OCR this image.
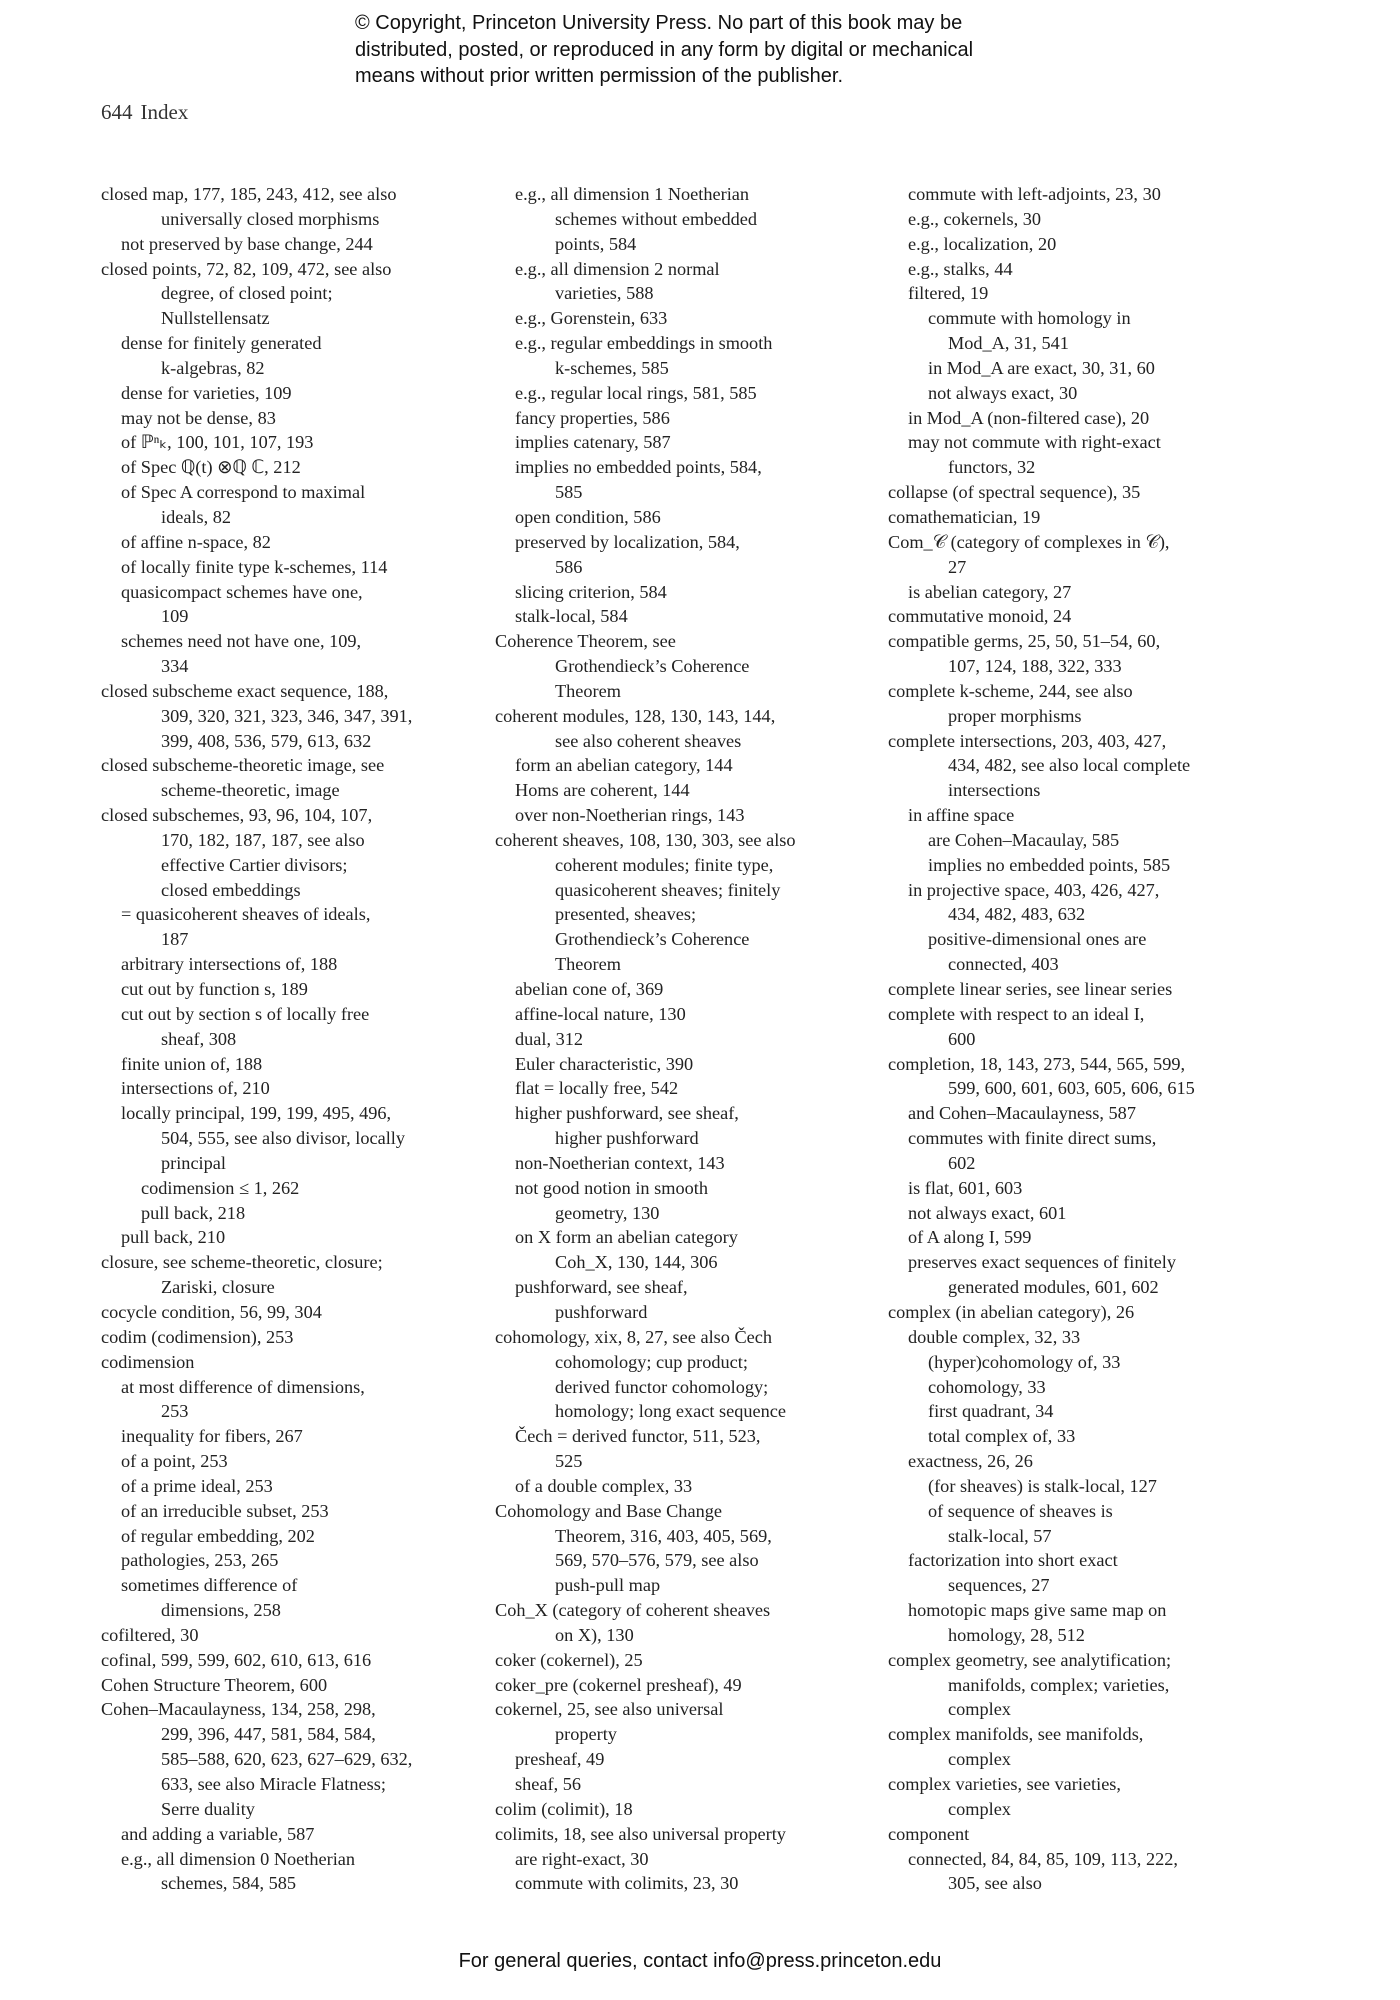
© Copyright, Princeton University Press. No part of this book may be
distributed, posted, or reproduced in any form by digital or mechanical
means without prior written permission of the publisher.
644 Index
closed map, 177, 185, 243, 412, see also
universally closed morphisms
not preserved by base change, 244
closed points, 72, 82, 109, 472, see also
degree, of closed point;
Nullstellensatz
dense for finitely generated
k-algebras, 82
dense for varieties, 109
may not be dense, 83
of ℙⁿₖ, 100, 101, 107, 193
of Spec ℚ(t) ⊗ℚ ℂ, 212
of Spec A correspond to maximal
ideals, 82
of affine n-space, 82
of locally finite type k-schemes, 114
quasicompact schemes have one,
109
schemes need not have one, 109,
334
closed subscheme exact sequence, 188,
309, 320, 321, 323, 346, 347, 391,
399, 408, 536, 579, 613, 632
closed subscheme-theoretic image, see
scheme-theoretic, image
closed subschemes, 93, 96, 104, 107,
170, 182, 187, 187, see also
effective Cartier divisors;
closed embeddings
= quasicoherent sheaves of ideals,
187
arbitrary intersections of, 188
cut out by function s, 189
cut out by section s of locally free
sheaf, 308
finite union of, 188
intersections of, 210
locally principal, 199, 199, 495, 496,
504, 555, see also divisor, locally
principal
codimension ≤ 1, 262
pull back, 218
pull back, 210
closure, see scheme-theoretic, closure;
Zariski, closure
cocycle condition, 56, 99, 304
codim (codimension), 253
codimension
at most difference of dimensions,
253
inequality for fibers, 267
of a point, 253
of a prime ideal, 253
of an irreducible subset, 253
of regular embedding, 202
pathologies, 253, 265
sometimes difference of
dimensions, 258
cofiltered, 30
cofinal, 599, 599, 602, 610, 613, 616
Cohen Structure Theorem, 600
Cohen–Macaulayness, 134, 258, 298,
299, 396, 447, 581, 584, 584,
585–588, 620, 623, 627–629, 632,
633, see also Miracle Flatness;
Serre duality
and adding a variable, 587
e.g., all dimension 0 Noetherian
schemes, 584, 585
e.g., all dimension 1 Noetherian
schemes without embedded
points, 584
e.g., all dimension 2 normal
varieties, 588
e.g., Gorenstein, 633
e.g., regular embeddings in smooth
k-schemes, 585
e.g., regular local rings, 581, 585
fancy properties, 586
implies catenary, 587
implies no embedded points, 584,
585
open condition, 586
preserved by localization, 584,
586
slicing criterion, 584
stalk-local, 584
Coherence Theorem, see
Grothendieck’s Coherence
Theorem
coherent modules, 128, 130, 143, 144,
see also coherent sheaves
form an abelian category, 144
Homs are coherent, 144
over non-Noetherian rings, 143
coherent sheaves, 108, 130, 303, see also
coherent modules; finite type,
quasicoherent sheaves; finitely
presented, sheaves;
Grothendieck’s Coherence
Theorem
abelian cone of, 369
affine-local nature, 130
dual, 312
Euler characteristic, 390
flat = locally free, 542
higher pushforward, see sheaf,
higher pushforward
non-Noetherian context, 143
not good notion in smooth
geometry, 130
on X form an abelian category
Coh_X, 130, 144, 306
pushforward, see sheaf,
pushforward
cohomology, xix, 8, 27, see also Čech
cohomology; cup product;
derived functor cohomology;
homology; long exact sequence
Čech = derived functor, 511, 523,
525
of a double complex, 33
Cohomology and Base Change
Theorem, 316, 403, 405, 569,
569, 570–576, 579, see also
push-pull map
Coh_X (category of coherent sheaves
on X), 130
coker (cokernel), 25
coker_pre (cokernel presheaf), 49
cokernel, 25, see also universal
property
presheaf, 49
sheaf, 56
colim (colimit), 18
colimits, 18, see also universal property
are right-exact, 30
commute with colimits, 23, 30
commute with left-adjoints, 23, 30
e.g., cokernels, 30
e.g., localization, 20
e.g., stalks, 44
filtered, 19
commute with homology in
Mod_A, 31, 541
in Mod_A are exact, 30, 31, 60
not always exact, 30
in Mod_A (non-filtered case), 20
may not commute with right-exact
functors, 32
collapse (of spectral sequence), 35
comathematician, 19
Com_𝒞 (category of complexes in 𝒞),
27
is abelian category, 27
commutative monoid, 24
compatible germs, 25, 50, 51–54, 60,
107, 124, 188, 322, 333
complete k-scheme, 244, see also
proper morphisms
complete intersections, 203, 403, 427,
434, 482, see also local complete
intersections
in affine space
are Cohen–Macaulay, 585
implies no embedded points, 585
in projective space, 403, 426, 427,
434, 482, 483, 632
positive-dimensional ones are
connected, 403
complete linear series, see linear series
complete with respect to an ideal I,
600
completion, 18, 143, 273, 544, 565, 599,
599, 600, 601, 603, 605, 606, 615
and Cohen–Macaulayness, 587
commutes with finite direct sums,
602
is flat, 601, 603
not always exact, 601
of A along I, 599
preserves exact sequences of finitely
generated modules, 601, 602
complex (in abelian category), 26
double complex, 32, 33
(hyper)cohomology of, 33
cohomology, 33
first quadrant, 34
total complex of, 33
exactness, 26, 26
(for sheaves) is stalk-local, 127
of sequence of sheaves is
stalk-local, 57
factorization into short exact
sequences, 27
homotopic maps give same map on
homology, 28, 512
complex geometry, see analytification;
manifolds, complex; varieties,
complex
complex manifolds, see manifolds,
complex
complex varieties, see varieties,
complex
component
connected, 84, 84, 85, 109, 113, 222,
305, see also
For general queries, contact info@press.princeton.edu
